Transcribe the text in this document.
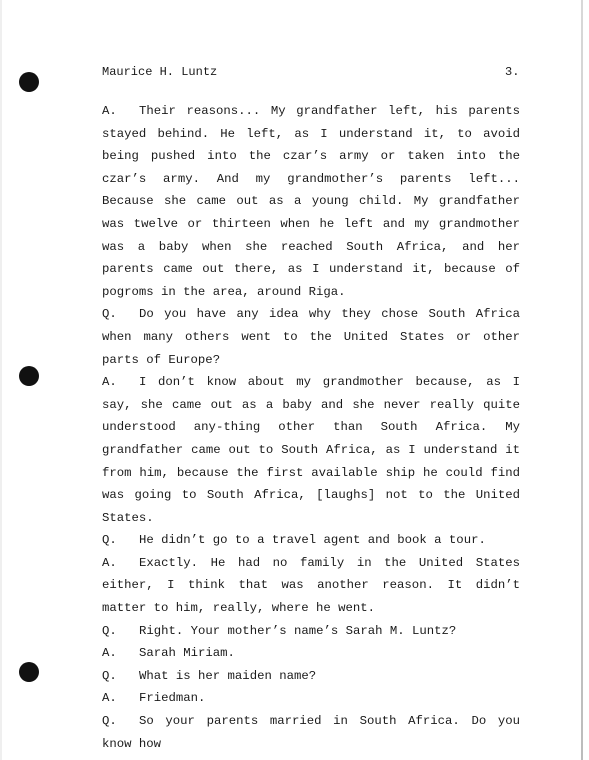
Maurice H. Luntz	3.

A. Their reasons... My grandfather left, his parents stayed behind. He left, as I understand it, to avoid being pushed into the czar’s army or taken into the czar’s army. And my grandmother’s parents left... Because she came out as a young child. My grandfather was twelve or thirteen when he left and my grandmother was a baby when she reached South Africa, and her parents came out there, as I understand it, because of pogroms in the area, around Riga.

Q. Do you have any idea why they chose South Africa when many others went to the United States or other parts of Europe?

A. I don’t know about my grandmother because, as I say, she came out as a baby and she never really quite understood any-thing other than South Africa. My grandfather came out to South Africa, as I understand it from him, because the first available ship he could find was going to South Africa, [laughs] not to the United States.

Q. He didn’t go to a travel agent and book a tour.

A. Exactly. He had no family in the United States either, I think that was another reason. It didn’t matter to him, really, where he went.

Q. Right. Your mother’s name’s Sarah M. Luntz?

A. Sarah Miriam.

Q. What is her maiden name?

A. Friedman.

Q. So your parents married in South Africa. Do you know how
